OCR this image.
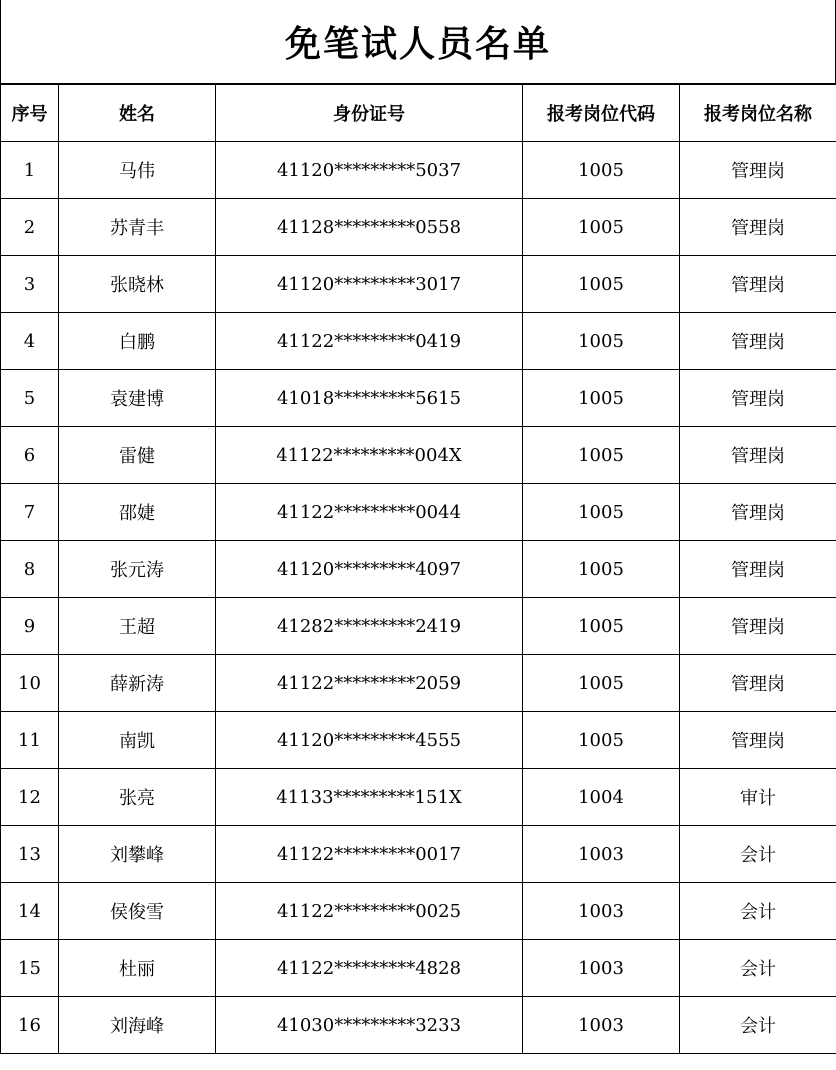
免笔试人员名单
序号	姓名	身份证号	报考岗位代码	报考岗位名称
1	马伟	41120*********5037	1005	管理岗
2	苏青丰	41128*********0558	1005	管理岗
3	张晓林	41120*********3017	1005	管理岗
4	白鹏	41122*********0419	1005	管理岗
5	袁建博	41018*********5615	1005	管理岗
6	雷健	41122*********004X	1005	管理岗
7	邵婕	41122*********0044	1005	管理岗
8	张元涛	41120*********4097	1005	管理岗
9	王超	41282*********2419	1005	管理岗
10	薛新涛	41122*********2059	1005	管理岗
11	南凯	41120*********4555	1005	管理岗
12	张亮	41133*********151X	1004	审计
13	刘攀峰	41122*********0017	1003	会计
14	侯俊雪	41122*********0025	1003	会计
15	杜丽	41122*********4828	1003	会计
16	刘海峰	41030*********3233	1003	会计
